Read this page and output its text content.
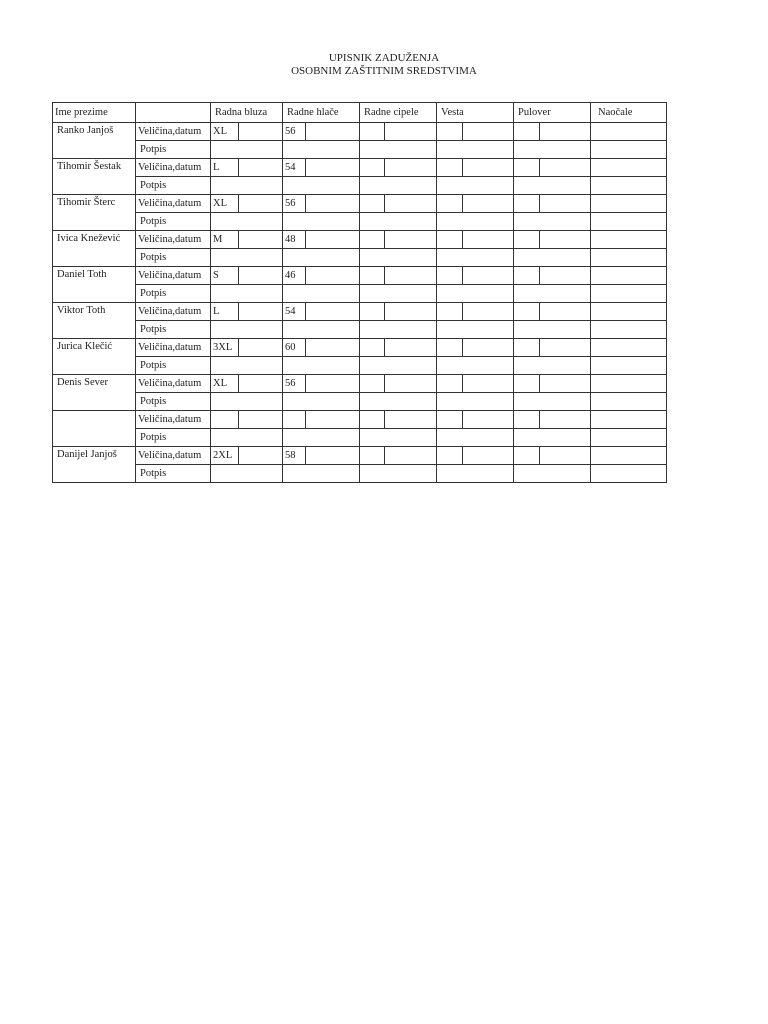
UPISNIK ZADUŽENJA
OSOBNIM ZAŠTITNIM SREDSTVIMA
Ime prezime		Radna bluza		Radne hlače		Radne cipele		Vesta		Pulover		Naočale
Ranko Janjoš	Veličina,datum	XL		56								
	Potpis											
Tihomir Šestak	Veličina,datum	L		54								
	Potpis											
Tihomir Šterc	Veličina,datum	XL		56								
	Potpis											
Ivica Knežević	Veličina,datum	M		48								
	Potpis											
Daniel Toth	Veličina,datum	S		46								
	Potpis											
Viktor Toth	Veličina,datum	L		54								
	Potpis											
Jurica Klečić	Veličina,datum	3XL		60								
	Potpis											
Denis Sever	Veličina,datum	XL		56								
	Potpis											
	Veličina,datum											
	Potpis											
Danijel Janjoš	Veličina,datum	2XL		58								
	Potpis											
